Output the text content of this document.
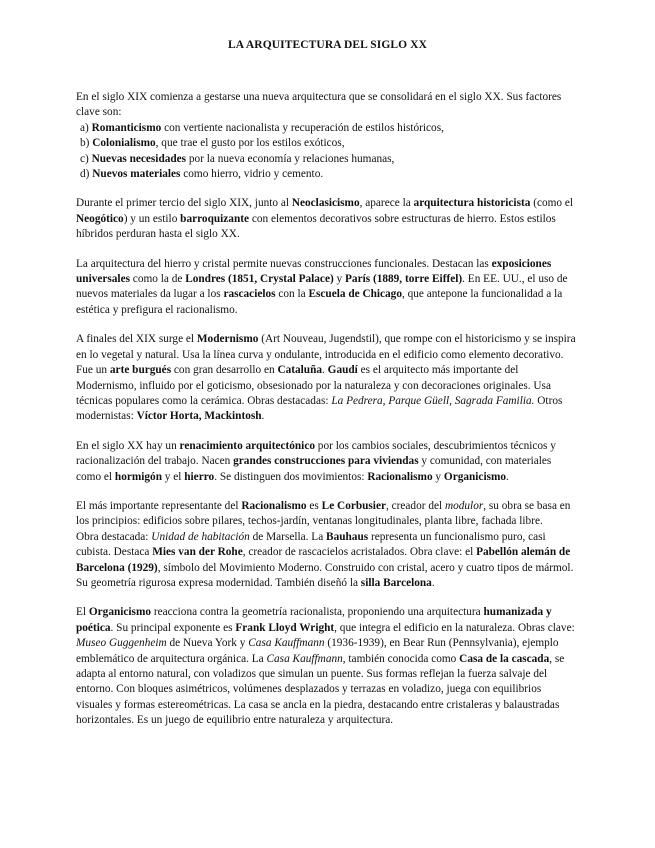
LA ARQUITECTURA DEL SIGLO XX

En el siglo XIX comienza a gestarse una nueva arquitectura que se consolidará en el siglo XX. Sus factores clave son:
a) Romanticismo con vertiente nacionalista y recuperación de estilos históricos,
b) Colonialismo, que trae el gusto por los estilos exóticos,
c) Nuevas necesidades por la nueva economía y relaciones humanas,
d) Nuevos materiales como hierro, vidrio y cemento.

Durante el primer tercio del siglo XIX, junto al Neoclasicismo, aparece la arquitectura historicista (como el Neogótico) y un estilo barroquizante con elementos decorativos sobre estructuras de hierro. Estos estilos híbridos perduran hasta el siglo XX.

La arquitectura del hierro y cristal permite nuevas construcciones funcionales. Destacan las exposiciones universales como la de Londres (1851, Crystal Palace) y París (1889, torre Eiffel). En EE. UU., el uso de nuevos materiales da lugar a los rascacielos con la Escuela de Chicago, que antepone la funcionalidad a la estética y prefigura el racionalismo.

A finales del XIX surge el Modernismo (Art Nouveau, Jugendstil), que rompe con el historicismo y se inspira en lo vegetal y natural. Usa la línea curva y ondulante, introducida en el edificio como elemento decorativo. Fue un arte burgués con gran desarrollo en Cataluña. Gaudí es el arquitecto más importante del Modernismo, influido por el goticismo, obsesionado por la naturaleza y con decoraciones originales. Usa técnicas populares como la cerámica. Obras destacadas: La Pedrera, Parque Güell, Sagrada Familia. Otros modernistas: Víctor Horta, Mackintosh.

En el siglo XX hay un renacimiento arquitectónico por los cambios sociales, descubrimientos técnicos y racionalización del trabajo. Nacen grandes construcciones para viviendas y comunidad, con materiales como el hormigón y el hierro. Se distinguen dos movimientos: Racionalismo y Organicismo.

El más importante representante del Racionalismo es Le Corbusier, creador del modulor, su obra se basa en los principios: edificios sobre pilares, techos-jardín, ventanas longitudinales, planta libre, fachada libre.

Obra destacada: Unidad de habitación de Marsella. La Bauhaus representa un funcionalismo puro, casi cubista. Destaca Mies van der Rohe, creador de rascacielos acristalados. Obra clave: el Pabellón alemán de Barcelona (1929), símbolo del Movimiento Moderno. Construido con cristal, acero y cuatro tipos de mármol. Su geometría rigurosa expresa modernidad. También diseñó la silla Barcelona.

El Organicismo reacciona contra la geometría racionalista, proponiendo una arquitectura humanizada y poética. Su principal exponente es Frank Lloyd Wright, que integra el edificio en la naturaleza. Obras clave: Museo Guggenheim de Nueva York y Casa Kauffmann (1936-1939), en Bear Run (Pennsylvania), ejemplo emblemático de arquitectura orgánica. La Casa Kauffmann, también conocida como Casa de la cascada, se adapta al entorno natural, con voladizos que simulan un puente. Sus formas reflejan la fuerza salvaje del entorno. Con bloques asimétricos, volúmenes desplazados y terrazas en voladizo, juega con equilibrios visuales y formas estereométricas. La casa se ancla en la piedra, destacando entre cristaleras y balaustradas horizontales. Es un juego de equilibrio entre naturaleza y arquitectura.
